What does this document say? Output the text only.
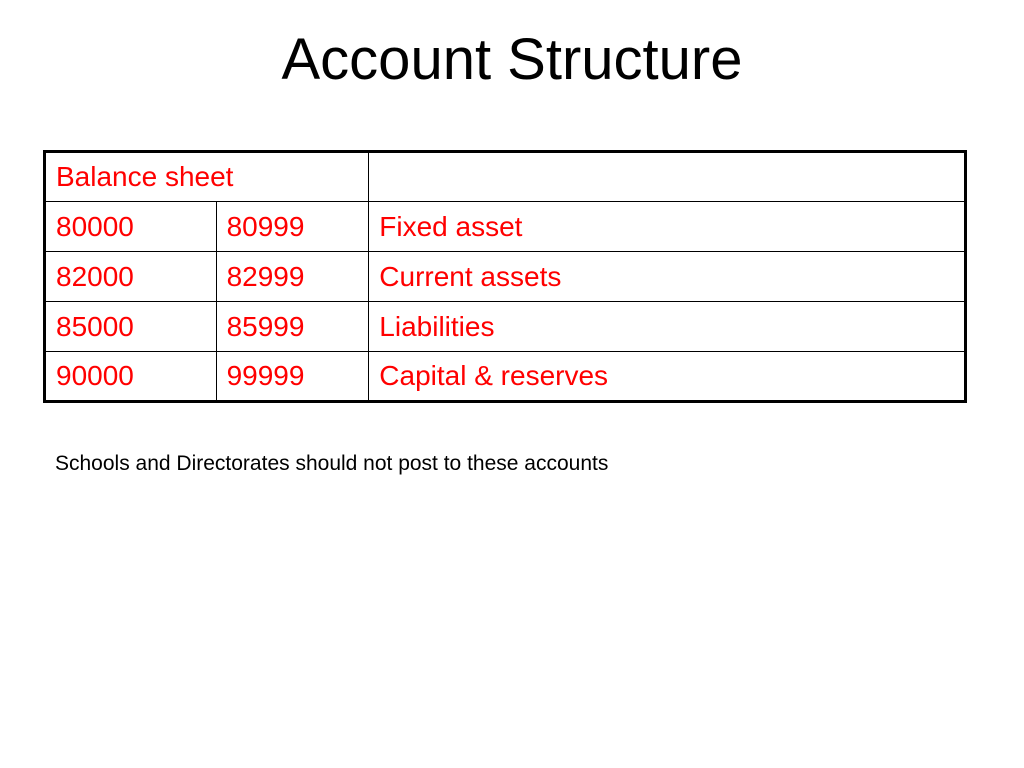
Account Structure
Balance sheet		
80000	80999	Fixed asset
82000	82999	Current assets
85000	85999	Liabilities
90000	99999	Capital & reserves
Schools and Directorates should not post to these accounts
